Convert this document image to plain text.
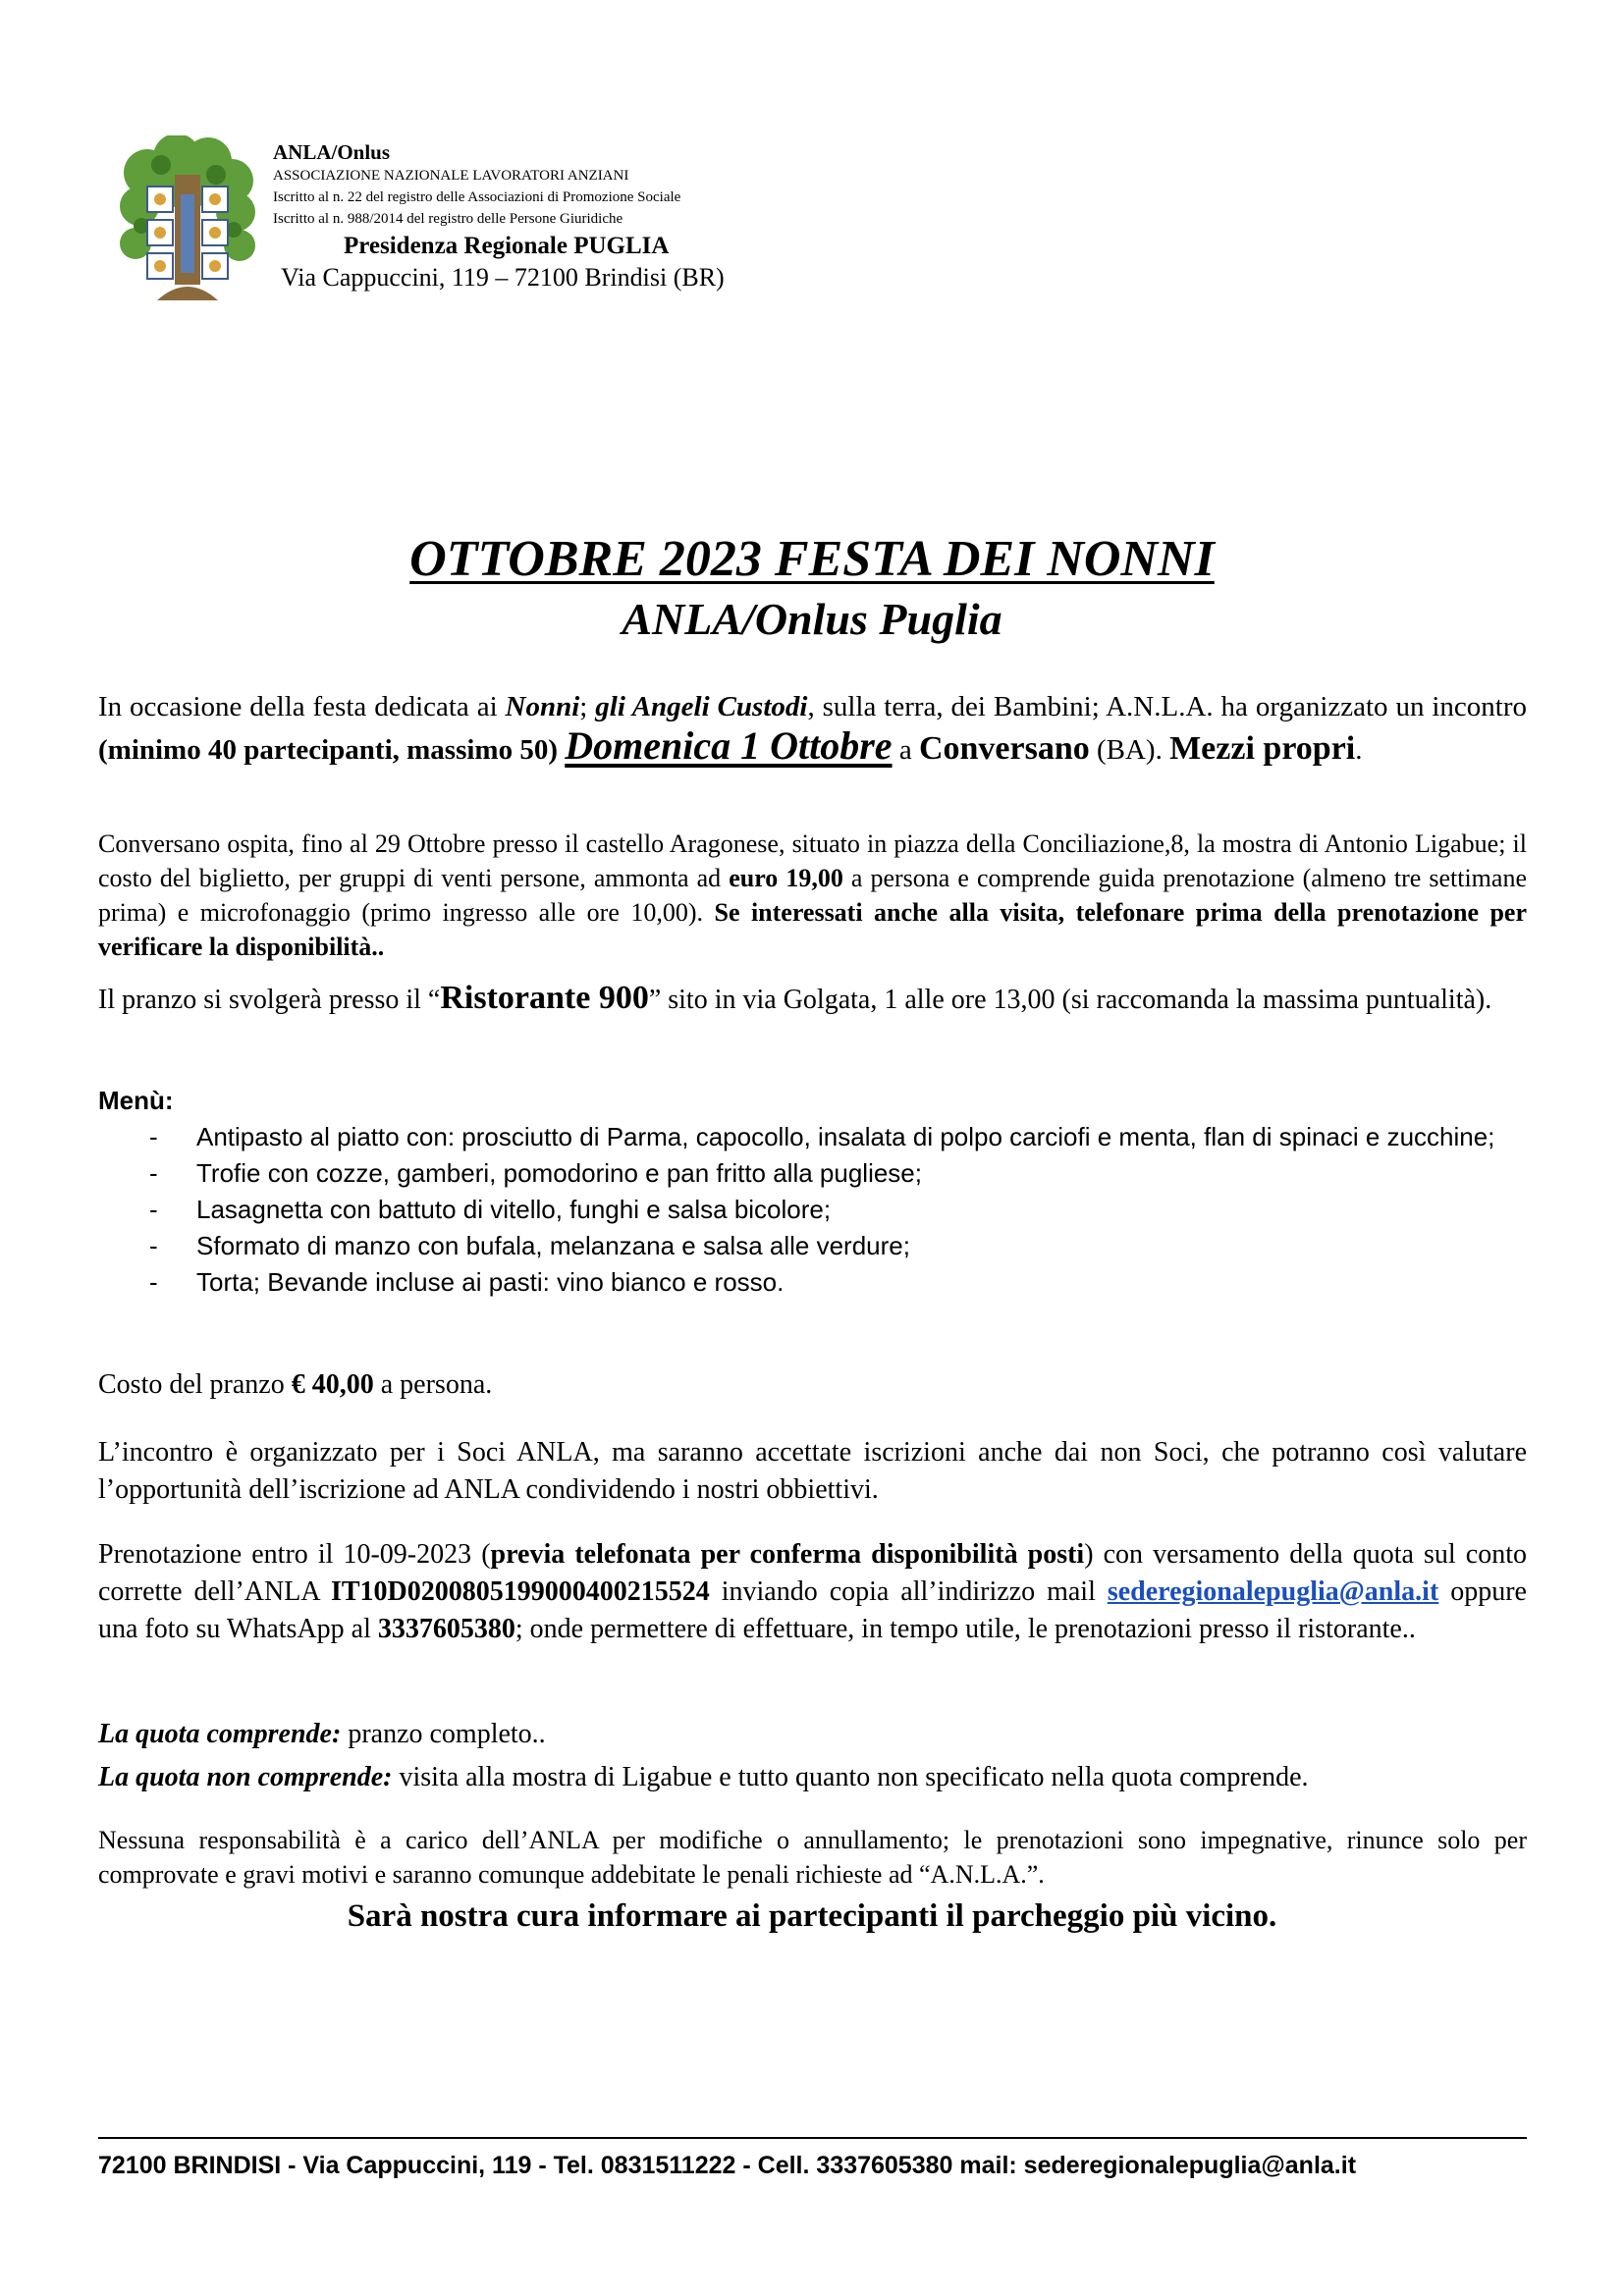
ANLA/Onlus
ASSOCIAZIONE NAZIONALE LAVORATORI ANZIANI
Iscritto al n. 22 del registro delle Associazioni di Promozione Sociale
Iscritto al n. 988/2014 del registro delle Persone Giuridiche
Presidenza Regionale PUGLIA
Via Cappuccini, 119 – 72100 Brindisi (BR)
OTTOBRE 2023 FESTA DEI NONNI
ANLA/Onlus Puglia
In occasione della festa dedicata ai Nonni; gli Angeli Custodi, sulla terra, dei Bambini; A.N.L.A. ha organizzato un incontro (minimo 40 partecipanti, massimo 50) Domenica 1 Ottobre a Conversano (BA). Mezzi propri.
Conversano ospita, fino al 29 Ottobre presso il castello Aragonese, situato in piazza della Conciliazione,8, la mostra di Antonio Ligabue; il costo del biglietto, per gruppi di venti persone, ammonta ad euro 19,00 a persona e comprende guida prenotazione (almeno tre settimane prima) e microfonaggio (primo ingresso alle ore 10,00). Se interessati anche alla visita, telefonare prima della prenotazione per verificare la disponibilità..
Il pranzo si svolgerà presso il “Ristorante 900” sito in via Golgata, 1 alle ore 13,00 (si raccomanda la massima puntualità).
Menù:
- Antipasto al piatto con: prosciutto di Parma, capocollo, insalata di polpo carciofi e menta, flan di spinaci e zucchine;
- Trofie con cozze, gamberi, pomodorino e pan fritto alla pugliese;
- Lasagnetta con battuto di vitello, funghi e salsa bicolore;
- Sformato di manzo con bufala, melanzana e salsa alle verdure;
- Torta; Bevande incluse ai pasti: vino bianco e rosso.
Costo del pranzo € 40,00 a persona.
L’incontro è organizzato per i Soci ANLA, ma saranno accettate iscrizioni anche dai non Soci, che potranno così valutare l’opportunità dell’iscrizione ad ANLA condividendo i nostri obbiettivi.
Prenotazione entro il 10-09-2023 (previa telefonata per conferma disponibilità posti) con versamento della quota sul conto corrette dell’ANLA IT10D0200805199000400215524 inviando copia all’indirizzo mail sederegionalepuglia@anla.it oppure una foto su WhatsApp al 3337605380; onde permettere di effettuare, in tempo utile, le prenotazioni presso il ristorante..
La quota comprende: pranzo completo..
La quota non comprende: visita alla mostra di Ligabue e tutto quanto non specificato nella quota comprende.
Nessuna responsabilità è a carico dell’ANLA per modifiche o annullamento; le prenotazioni sono impegnative, rinunce solo per comprovate e gravi motivi e saranno comunque addebitate le penali richieste ad “A.N.L.A.”.
Sarà nostra cura informare ai partecipanti il parcheggio più vicino.
72100 BRINDISI - Via Cappuccini, 119 - Tel. 0831511222 - Cell. 3337605380 mail: sederegionalepuglia@anla.it
